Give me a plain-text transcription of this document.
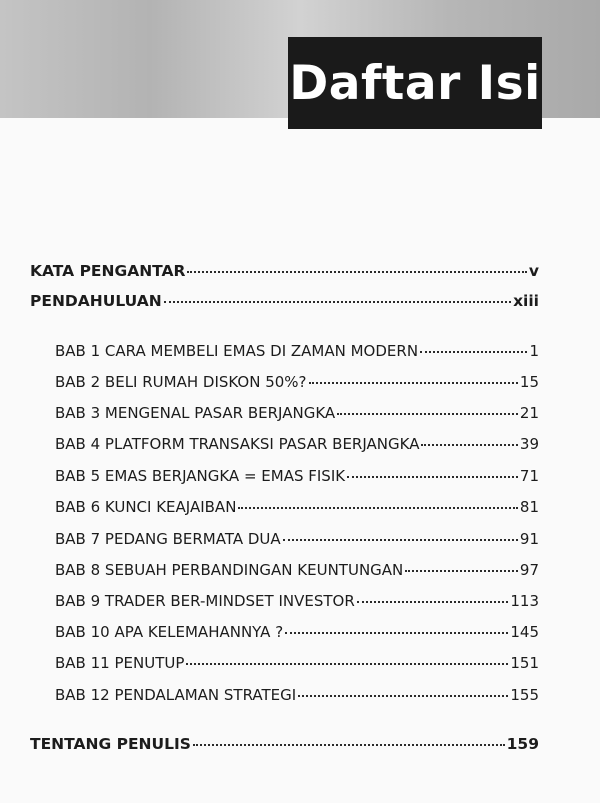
Daftar Isi
KATA PENGANTAR	v
PENDAHULUAN	xiii
BAB 1 CARA MEMBELI EMAS DI ZAMAN MODERN	1
BAB 2 BELI RUMAH DISKON 50%?	15
BAB 3 MENGENAL PASAR BERJANGKA	21
BAB 4 PLATFORM TRANSAKSI PASAR BERJANGKA	39
BAB 5 EMAS BERJANGKA = EMAS FISIK	71
BAB 6 KUNCI KEAJAIBAN	81
BAB 7 PEDANG BERMATA DUA	91
BAB 8 SEBUAH PERBANDINGAN KEUNTUNGAN	97
BAB 9 TRADER BER-MINDSET INVESTOR	113
BAB 10 APA KELEMAHANNYA ?	145
BAB 11 PENUTUP	151
BAB 12 PENDALAMAN STRATEGI	155
TENTANG PENULIS	159
